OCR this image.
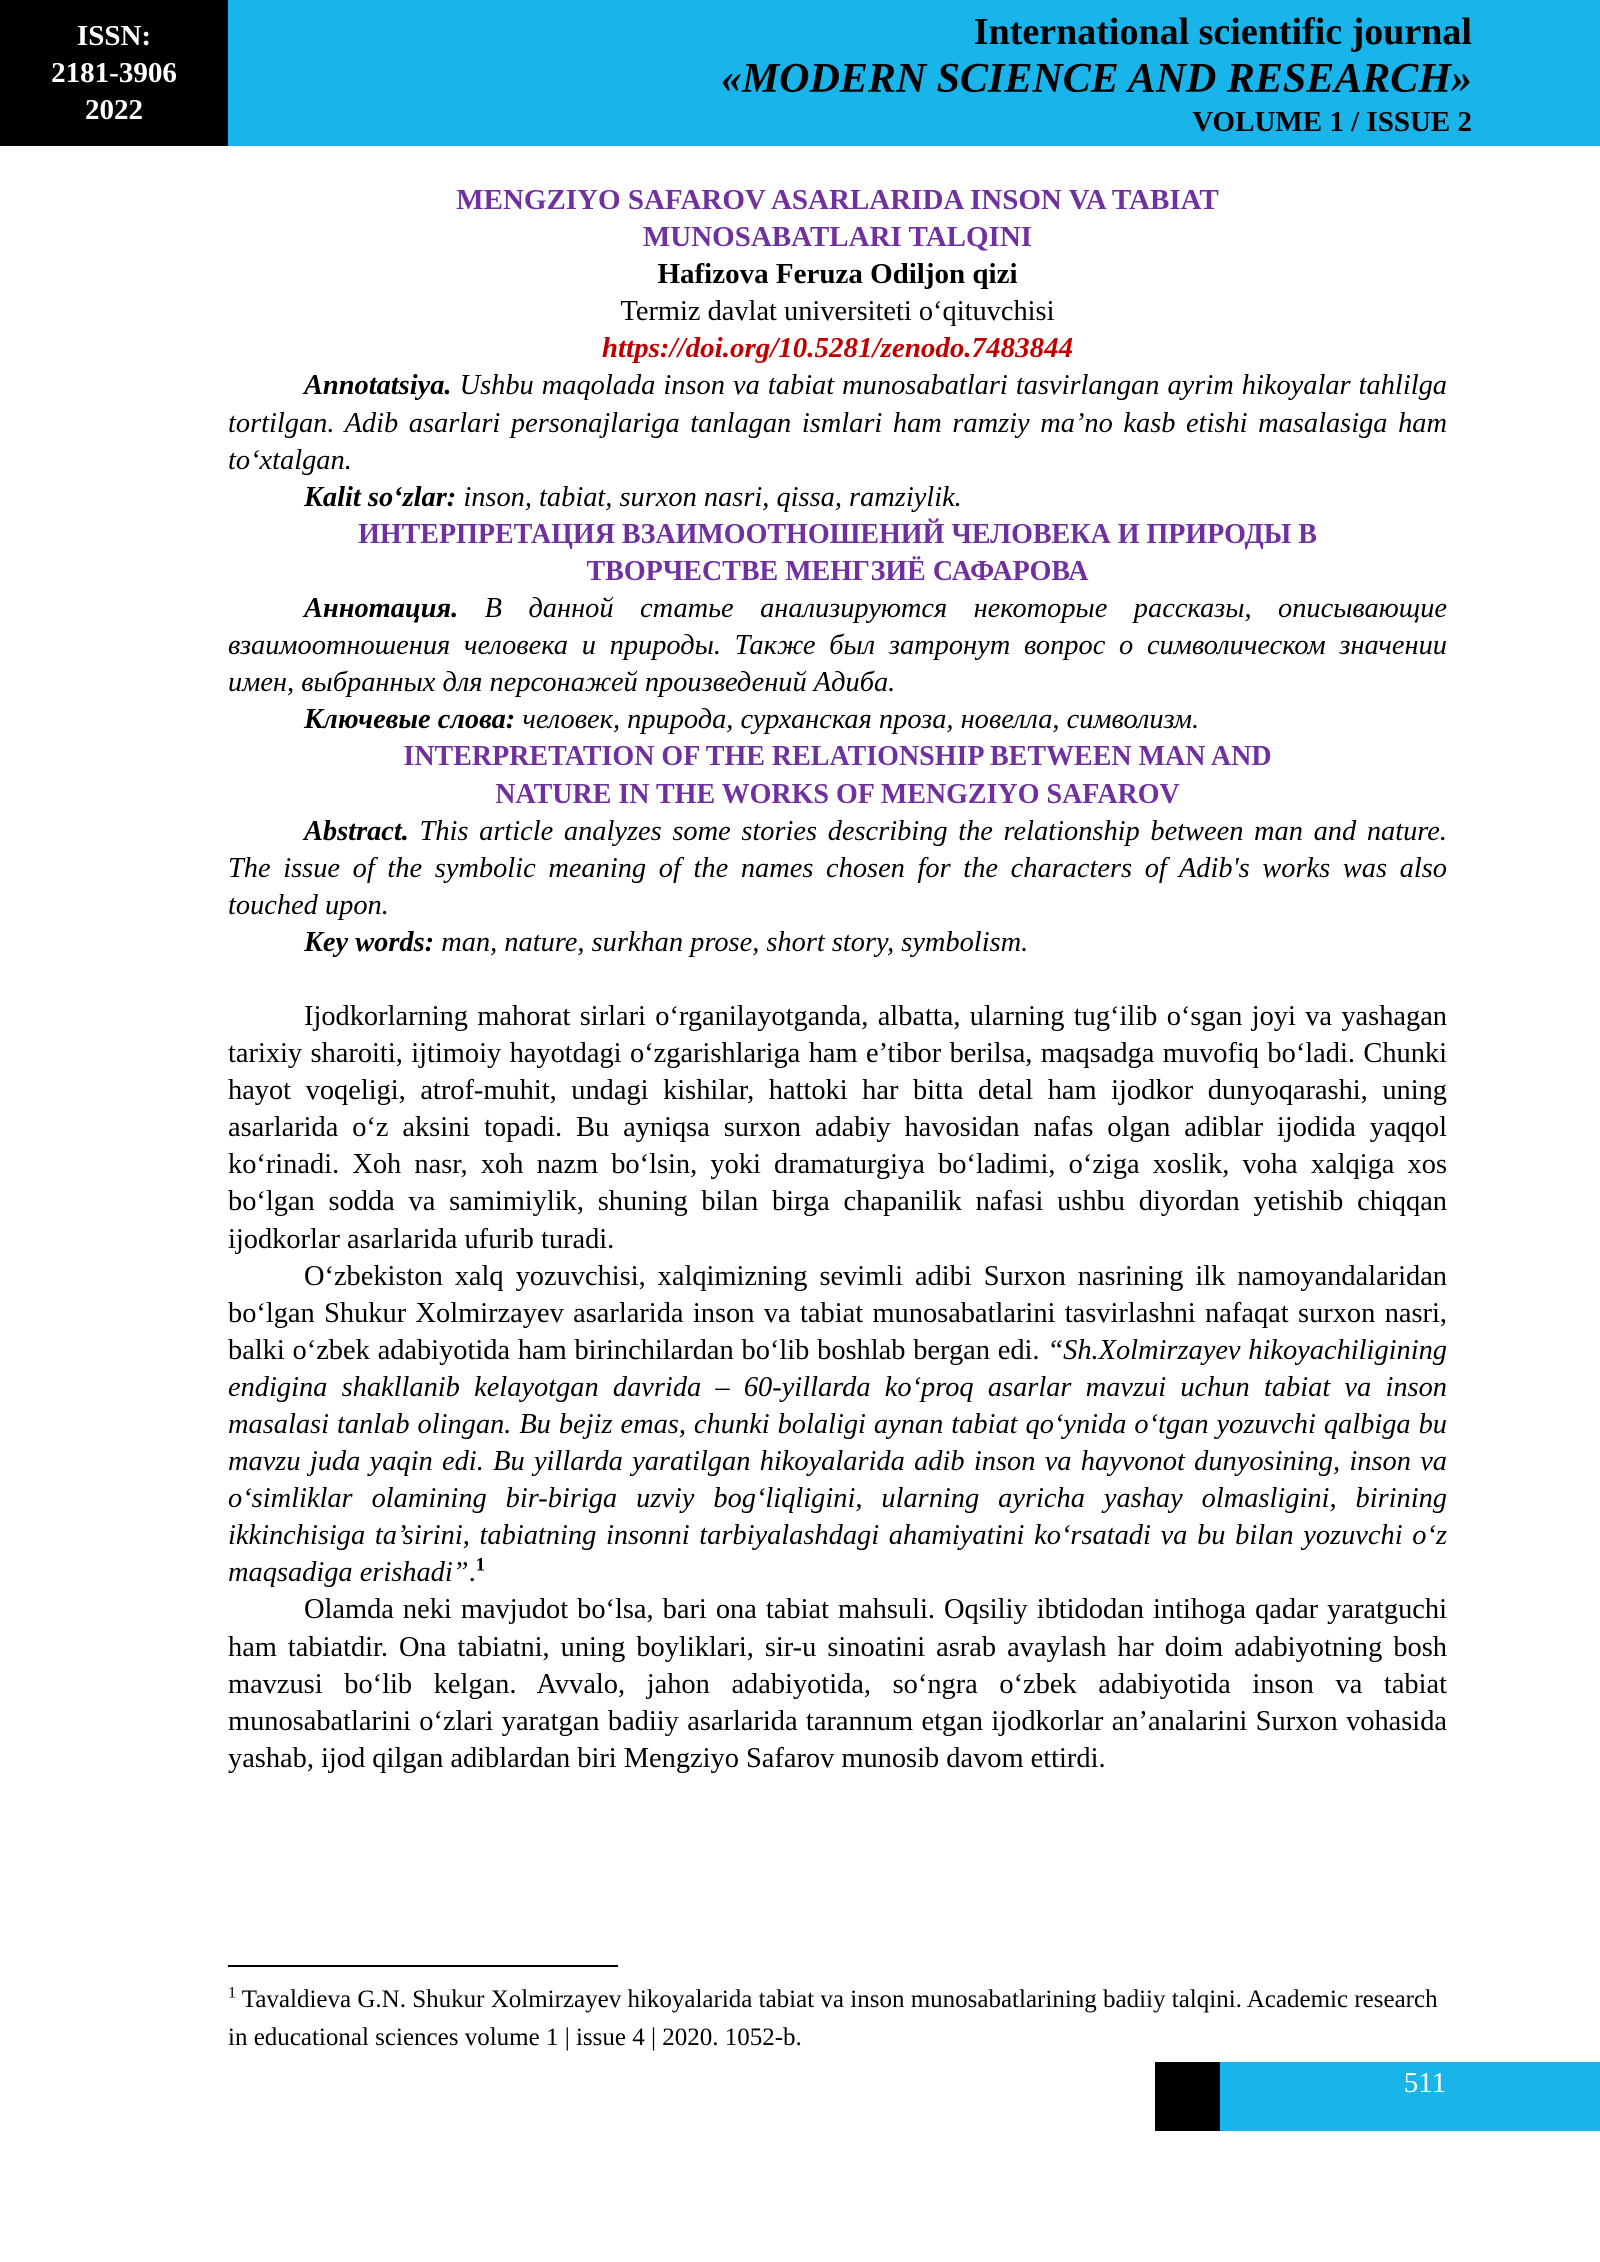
ISSN:
2181-3906
2022
International scientific journal
«MODERN SCIENCE AND RESEARCH»
VOLUME 1 / ISSUE 2
MENGZIYO SAFAROV ASARLARIDA INSON VA TABIAT
MUNOSABATLARI TALQINI
Hafizova Feruza Odiljon qizi
Termiz davlat universiteti o‘qituvchisi
https://doi.org/10.5281/zenodo.7483844

Annotatsiya. Ushbu maqolada inson va tabiat munosabatlari tasvirlangan ayrim hikoyalar tahlilga tortilgan. Adib asarlari personajlariga tanlagan ismlari ham ramziy ma’no kasb etishi masalasiga ham to‘xtalgan.

Kalit so‘zlar: inson, tabiat, surxon nasri, qissa, ramziylik.

ИНТЕРПРЕТАЦИЯ ВЗАИМООТНОШЕНИЙ ЧЕЛОВЕКА И ПРИРОДЫ В
ТВОРЧЕСТВЕ МЕНГЗИЁ САФАРОВА

Аннотация. В данной статье анализируются некоторые рассказы, описывающие взаимоотношения человека и природы. Также был затронут вопрос о символическом значении имен, выбранных для персонажей произведений Адиба.

Ключевые слова: человек, природа, сурханская проза, новелла, символизм.

INTERPRETATION OF THE RELATIONSHIP BETWEEN MAN AND
NATURE IN THE WORKS OF MENGZIYO SAFAROV

Abstract. This article analyzes some stories describing the relationship between man and nature. The issue of the symbolic meaning of the names chosen for the characters of Adib's works was also touched upon.

Key words: man, nature, surkhan prose, short story, symbolism.

Ijodkorlarning mahorat sirlari o‘rganilayotganda, albatta, ularning tug‘ilib o‘sgan joyi va yashagan tarixiy sharoiti, ijtimoiy hayotdagi o‘zgarishlariga ham e’tibor berilsa, maqsadga muvofiq bo‘ladi. Chunki hayot voqeligi, atrof-muhit, undagi kishilar, hattoki har bitta detal ham ijodkor dunyoqarashi, uning asarlarida o‘z aksini topadi. Bu ayniqsa surxon adabiy havosidan nafas olgan adiblar ijodida yaqqol ko‘rinadi. Xoh nasr, xoh nazm bo‘lsin, yoki dramaturgiya bo‘ladimi, o‘ziga xoslik, voha xalqiga xos bo‘lgan sodda va samimiylik, shuning bilan birga chapanilik nafasi ushbu diyordan yetishib chiqqan ijodkorlar asarlarida ufurib turadi.

O‘zbekiston xalq yozuvchisi, xalqimizning sevimli adibi Surxon nasrining ilk namoyandalaridan bo‘lgan Shukur Xolmirzayev asarlarida inson va tabiat munosabatlarini tasvirlashni nafaqat surxon nasri, balki o‘zbek adabiyotida ham birinchilardan bo‘lib boshlab bergan edi. “Sh.Xolmirzayev hikoyachiligining endigina shakllanib kelayotgan davrida – 60-yillarda ko‘proq asarlar mavzui uchun tabiat va inson masalasi tanlab olingan. Bu bejiz emas, chunki bolaligi aynan tabiat qo‘ynida o‘tgan yozuvchi qalbiga bu mavzu juda yaqin edi. Bu yillarda yaratilgan hikoyalarida adib inson va hayvonot dunyosining, inson va o‘simliklar olamining bir-biriga uzviy bog‘liqligini, ularning ayricha yashay olmasligini, birining ikkinchisiga ta’sirini, tabiatning insonni tarbiyalashdagi ahamiyatini ko‘rsatadi va bu bilan yozuvchi o‘z maqsadiga erishadi”.$^1$

Olamda neki mavjudot bo‘lsa, bari ona tabiat mahsuli. Oqsiliy ibtidodan intihoga qadar yaratguchi ham tabiatdir. Ona tabiatni, uning boyliklari, sir-u sinoatini asrab avaylash har doim adabiyotning bosh mavzusi bo‘lib kelgan. Avvalo, jahon adabiyotida, so‘ngra o‘zbek adabiyotida inson va tabiat munosabatlarini o‘zlari yaratgan badiiy asarlarida tarannum etgan ijodkorlar an’analarini Surxon vohasida yashab, ijod qilgan adiblardan biri Mengziyo Safarov munosib davom ettirdi.

$^1$ Tavaldieva G.N. Shukur Xolmirzayev hikoyalarida tabiat va inson munosabatlarining badiiy talqini. Academic research in educational sciences volume 1 | issue 4 | 2020. 1052-b.
511
